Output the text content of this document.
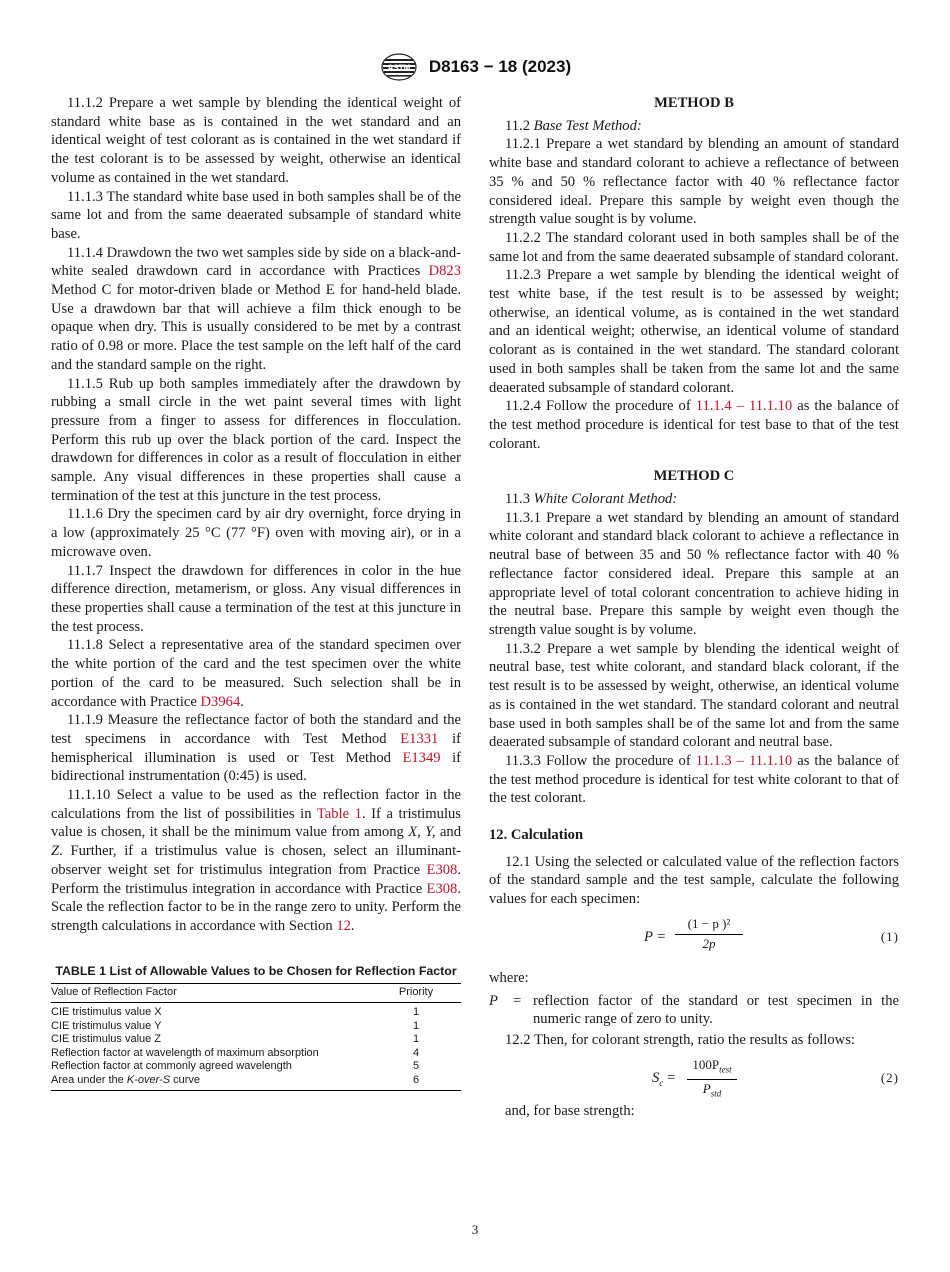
ASTM D8163 − 18 (2023)

11.1.2 Prepare a wet sample by blending the identical weight of standard white base as is contained in the wet standard and an identical weight of test colorant as is contained in the wet standard if the test colorant is to be assessed by weight, otherwise an identical volume as contained in the wet standard.

11.1.3 The standard white base used in both samples shall be of the same lot and from the same deaerated subsample of standard white base.

11.1.4 Drawdown the two wet samples side by side on a black-and-white sealed drawdown card in accordance with Practices D823 Method C for motor-driven blade or Method E for hand-held blade. Use a drawdown bar that will achieve a film thick enough to be opaque when dry. This is usually considered to be met by a contrast ratio of 0.98 or more. Place the test sample on the left half of the card and the standard sample on the right.

11.1.5 Rub up both samples immediately after the drawdown by rubbing a small circle in the wet paint several times with light pressure from a finger to assess for differences in flocculation. Perform this rub up over the black portion of the card. Inspect the drawdown for differences in color as a result of flocculation in either sample. Any visual differences in these properties shall cause a termination of the test at this juncture in the test process.

11.1.6 Dry the specimen card by air dry overnight, force drying in a low (approximately 25 °C (77 °F) oven with moving air), or in a microwave oven.

11.1.7 Inspect the drawdown for differences in color in the hue difference direction, metamerism, or gloss. Any visual differences in these properties shall cause a termination of the test at this juncture in the test process.

11.1.8 Select a representative area of the standard specimen over the white portion of the card and the test specimen over the white portion of the card to be measured. Such selection shall be in accordance with Practice D3964.

11.1.9 Measure the reflectance factor of both the standard and the test specimens in accordance with Test Method E1331 if hemispherical illumination is used or Test Method E1349 if bidirectional instrumentation (0:45) is used.

11.1.10 Select a value to be used as the reflection factor in the calculations from the list of possibilities in Table 1. If a tristimulus value is chosen, it shall be the minimum value from among X, Y, and Z. Further, if a tristimulus value is chosen, select an illuminant-observer weight set for tristimulus integration from Practice E308. Perform the tristimulus integration in accordance with Practice E308. Scale the reflection factor to be in the range zero to unity. Perform the strength calculations in accordance with Section 12.

TABLE 1 List of Allowable Values to be Chosen for Reflection Factor

Value of Reflection Factor	Priority
CIE tristimulus value X	1
CIE tristimulus value Y	1
CIE tristimulus value Z	1
Reflection factor at wavelength of maximum absorption	4
Reflection factor at commonly agreed wavelength	5
Area under the K-over-S curve	6

METHOD B

11.2 Base Test Method:

11.2.1 Prepare a wet standard by blending an amount of standard white base and standard colorant to achieve a reflectance of between 35 % and 50 % reflectance factor with 40 % reflectance factor considered ideal. Prepare this sample by weight even though the strength value sought is by volume.

11.2.2 The standard colorant used in both samples shall be of the same lot and from the same deaerated subsample of standard colorant.

11.2.3 Prepare a wet sample by blending the identical weight of test white base, if the test result is to be assessed by weight; otherwise, an identical volume, as is contained in the wet standard and an identical weight; otherwise, an identical volume of standard colorant as is contained in the wet standard. The standard colorant used in both samples shall be taken from the same lot and the same deaerated subsample of standard colorant.

11.2.4 Follow the procedure of 11.1.4 – 11.1.10 as the balance of the test method procedure is identical for test base to that of the test colorant.

METHOD C

11.3 White Colorant Method:

11.3.1 Prepare a wet standard by blending an amount of standard white colorant and standard black colorant to achieve a reflectance in neutral base of between 35 and 50 % reflectance factor with 40 % reflectance factor considered ideal. Prepare this sample at an appropriate level of total colorant concentration to achieve hiding in the neutral base. Prepare this sample by weight even though the strength value sought is by volume.

11.3.2 Prepare a wet sample by blending the identical weight of neutral base, test white colorant, and standard black colorant, if the test result is to be assessed by weight, otherwise, an identical volume as is contained in the wet standard. The standard colorant and neutral base used in both samples shall be of the same lot and from the same deaerated subsample of standard colorant and neutral base.

11.3.3 Follow the procedure of 11.1.3 – 11.1.10 as the balance of the test method procedure is identical for test white colorant to that of the test colorant.

12. Calculation

12.1 Using the selected or calculated value of the reflection factors of the standard sample and the test sample, calculate the following values for each specimen:

$P = \frac{\text{(1 − p )²}}{2p}$	(1)

where:

P = reflection factor of the standard or test specimen in the numeric range of zero to unity.

12.2 Then, for colorant strength, ratio the results as follows:

$S_c$ =
$100P_{test}$
$P_{std}$
(2)

and, for base strength:

3
